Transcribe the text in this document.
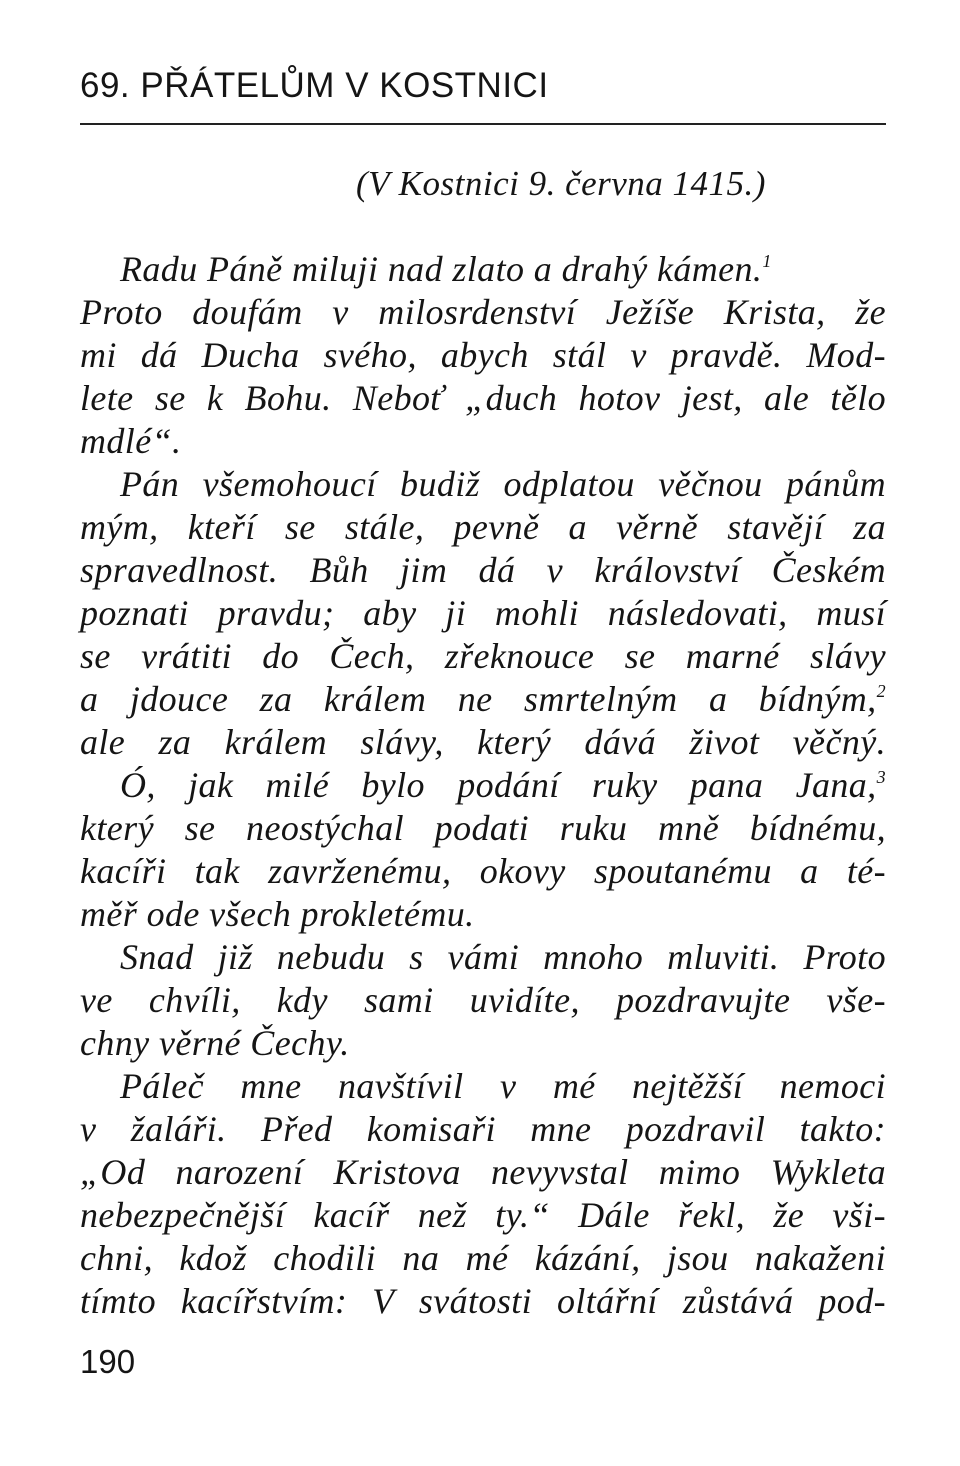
69. PŘÁTELŮM V KOSTNICI
(V Kostnici 9. června 1415.)
Radu Páně miluji nad zlato a drahý kámen.$^1$
Proto doufám v milosrdenství Ježíše Krista, že
mi dá Ducha svého, abych stál v pravdě. Mod-
lete se k Bohu. Neboť „duch hotov jest, ale tělo
mdlé“.
Pán všemohoucí budiž odplatou věčnou pánům
mým, kteří se stále, pevně a věrně stavějí za
spravedlnost. Bůh jim dá v království Českém
poznati pravdu; aby ji mohli následovati, musí
se vrátiti do Čech, zřeknouce se marné slávy
a jdouce za králem ne smrtelným a bídným,$^2$
ale za králem slávy, který dává život věčný.
Ó, jak milé bylo podání ruky pana Jana,$^3$
který se neostýchal podati ruku mně bídnému,
kacíři tak zavrženému, okovy spoutanému a té-
měř ode všech prokletému.
Snad již nebudu s vámi mnoho mluviti. Proto
ve chvíli, kdy sami uvidíte, pozdravujte vše-
chny věrné Čechy.
Páleč mne navštívil v mé nejtěžší nemoci
v žaláři. Před komisaři mne pozdravil takto:
„Od narození Kristova nevyvstal mimo Wykleta
nebezpečnější kacíř než ty.“ Dále řekl, že vši-
chni, kdož chodili na mé kázání, jsou nakaženi
tímto kacířstvím: V svátosti oltářní zůstává pod-
190
